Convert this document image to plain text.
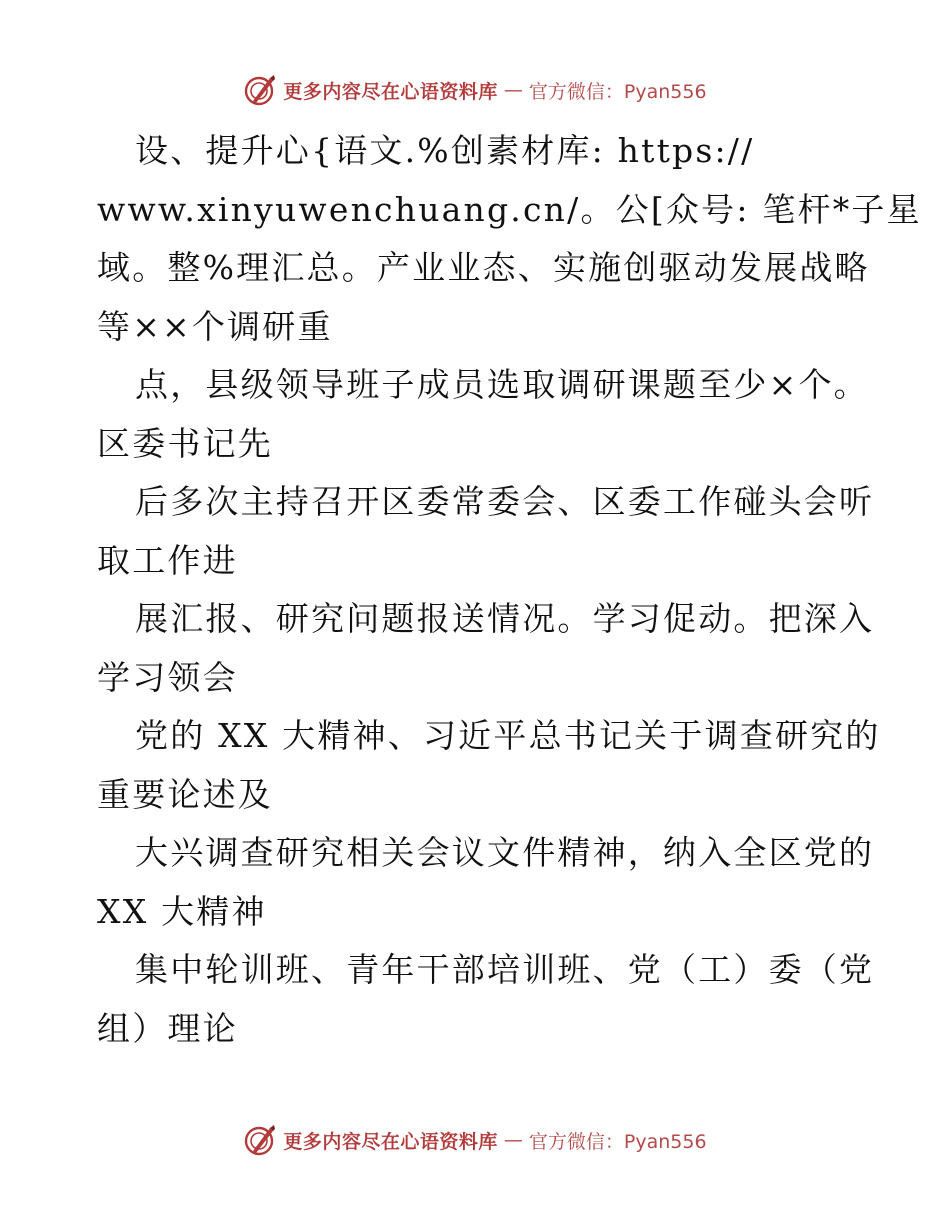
更多内容尽在心语资料库 — 官方微信：Pyan556
设、提升心{语文.%创素材库: https://
www.xinyuwenchuang.cn/。公[众号: 笔杆*子星
域。整%理汇总。产业业态、实施创驱动发展战略
等××个调研重
点，县级领导班子成员选取调研课题至少×个。
区委书记先
后多次主持召开区委常委会、区委工作碰头会听
取工作进
展汇报、研究问题报送情况。学习促动。把深入
学习领会
党的 XX 大精神、习近平总书记关于调查研究的
重要论述及
大兴调查研究相关会议文件精神，纳入全区党的
XX 大精神
集中轮训班、青年干部培训班、党（工）委（党
组）理论
更多内容尽在心语资料库 — 官方微信：Pyan556
